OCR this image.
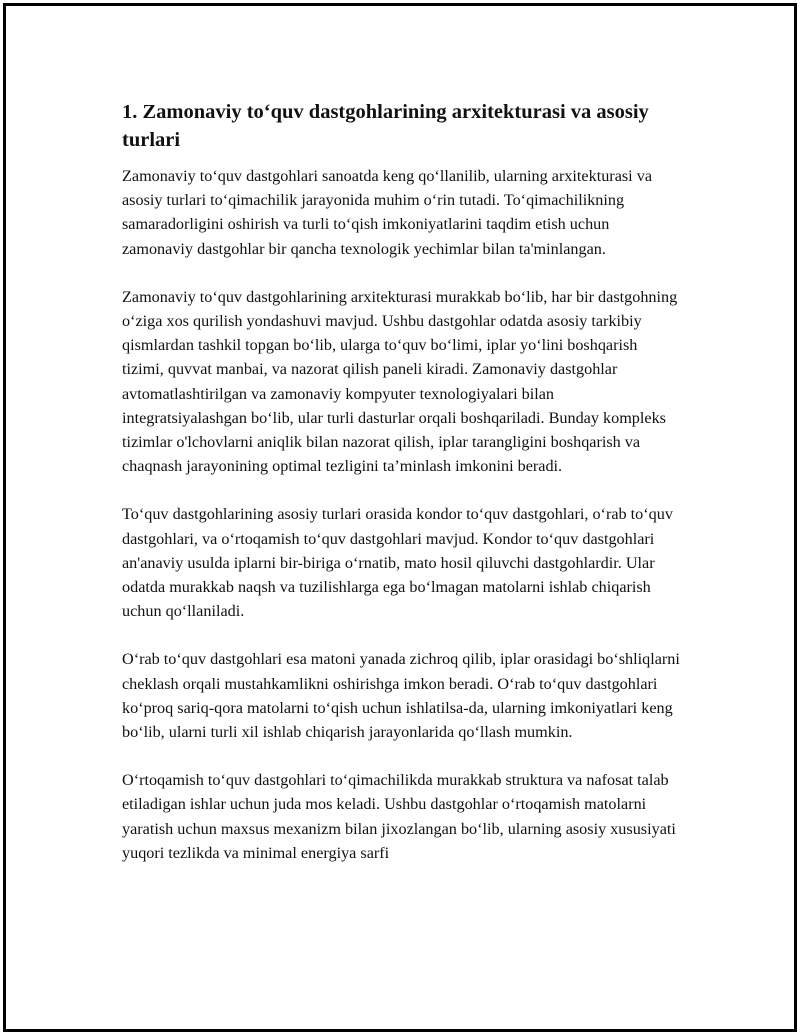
1. Zamonaviy to‘quv dastgohlarining arxitekturasi va asosiy turlari

Zamonaviy to‘quv dastgohlari sanoatda keng qo‘llanilib, ularning arxitekturasi va asosiy turlari to‘qimachilik jarayonida muhim o‘rin tutadi. To‘qimachilikning samaradorligini oshirish va turli to‘qish imkoniyatlarini taqdim etish uchun zamonaviy dastgohlar bir qancha texnologik yechimlar bilan ta'minlangan.

Zamonaviy to‘quv dastgohlarining arxitekturasi murakkab bo‘lib, har bir dastgohning o‘ziga xos qurilish yondashuvi mavjud. Ushbu dastgohlar odatda asosiy tarkibiy qismlardan tashkil topgan bo‘lib, ularga to‘quv bo‘limi, iplar yo‘lini boshqarish tizimi, quvvat manbai, va nazorat qilish paneli kiradi. Zamonaviy dastgohlar avtomatlashtirilgan va zamonaviy kompyuter texnologiyalari bilan integratsiyalashgan bo‘lib, ular turli dasturlar orqali boshqariladi. Bunday kompleks tizimlar o'lchovlarni aniqlik bilan nazorat qilish, iplar tarangligini boshqarish va chaqnash jarayonining optimal tezligini ta’minlash imkonini beradi.

To‘quv dastgohlarining asosiy turlari orasida kondor to‘quv dastgohlari, o‘rab to‘quv dastgohlari, va o‘rtoqamish to‘quv dastgohlari mavjud. Kondor to‘quv dastgohlari an'anaviy usulda iplarni bir-biriga o‘rnatib, mato hosil qiluvchi dastgohlardir. Ular odatda murakkab naqsh va tuzilishlarga ega bo‘lmagan matolarni ishlab chiqarish uchun qo‘llaniladi.

O‘rab to‘quv dastgohlari esa matoni yanada zichroq qilib, iplar orasidagi bo‘shliqlarni cheklash orqali mustahkamlikni oshirishga imkon beradi. O‘rab to‘quv dastgohlari ko‘proq sariq-qora matolarni to‘qish uchun ishlatilsa-da, ularning imkoniyatlari keng bo‘lib, ularni turli xil ishlab chiqarish jarayonlarida qo‘llash mumkin.

O‘rtoqamish to‘quv dastgohlari to‘qimachilikda murakkab struktura va nafosat talab etiladigan ishlar uchun juda mos keladi. Ushbu dastgohlar o‘rtoqamish matolarni yaratish uchun maxsus mexanizm bilan jixozlangan bo‘lib, ularning asosiy xususiyati yuqori tezlikda va minimal energiya sarfi
